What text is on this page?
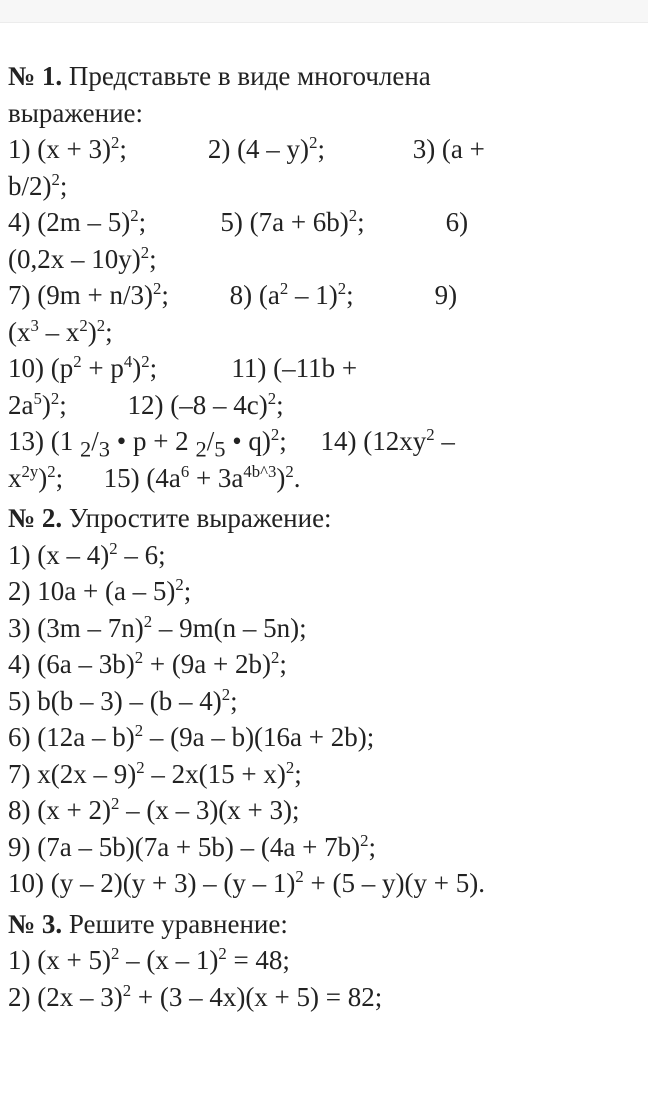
№ 1. Представьте в виде многочлена
выражение:
1) $(x + 3)^2$;            2) (4 – y)$^2$;             3) (a +
b/2)$^2$;
4) (2m – 5)$^2$;           5) $(7a + 6b)^2$;            6)
(0,2x – 10y)$^2$;
7) $(9m + n/3)^2$;         8) $(a^2 - 1)^2$;            9)
$(x^3 - x^2)^2$;
10) $(p^2 + p^4)^2$;           11) (–11b +
$2a^5)^2$;         12) (–8 – 4c)$^2$;
13) (1 $_2/_3$ • p + 2 $_2/_5$ • q)$^2$;     14) ($12xy^2$ –
$x^{2y})^2$;      15) $(4a^6 + 3a^{4b\^{}3})^2$.
№ 2. Упростите выражение:
1) (x – 4)$^2$ – 6;
2) 10a + (a – 5)$^2$;
3) (3m – 7n)$^2$ – 9m(n – 5n);
4) $(6a - 3b)^2 + (9a + 2b)^2$;
5) b(b – 3) – (b – 4)$^2$;
6) (12a – b)$^2$ – (9a – b)(16a + 2b);
7) $x(2x - 9)^2 - 2x(15 + x)^2$;
8) $(x + 2)^2 - (x - 3)(x + 3)$;
9) $(7a - 5b)(7a + 5b) - (4a + 7b)^2$;
10) (y – 2)(y + 3) – (y – 1)$^2$ + (5 – y)(y + 5).
№ 3. Решите уравнение:
1) $(x + 5)^2 - (x - 1)^2 = 48$;
2) (2x – 3)$^2$ + (3 – 4x)(x + 5) = 82;
